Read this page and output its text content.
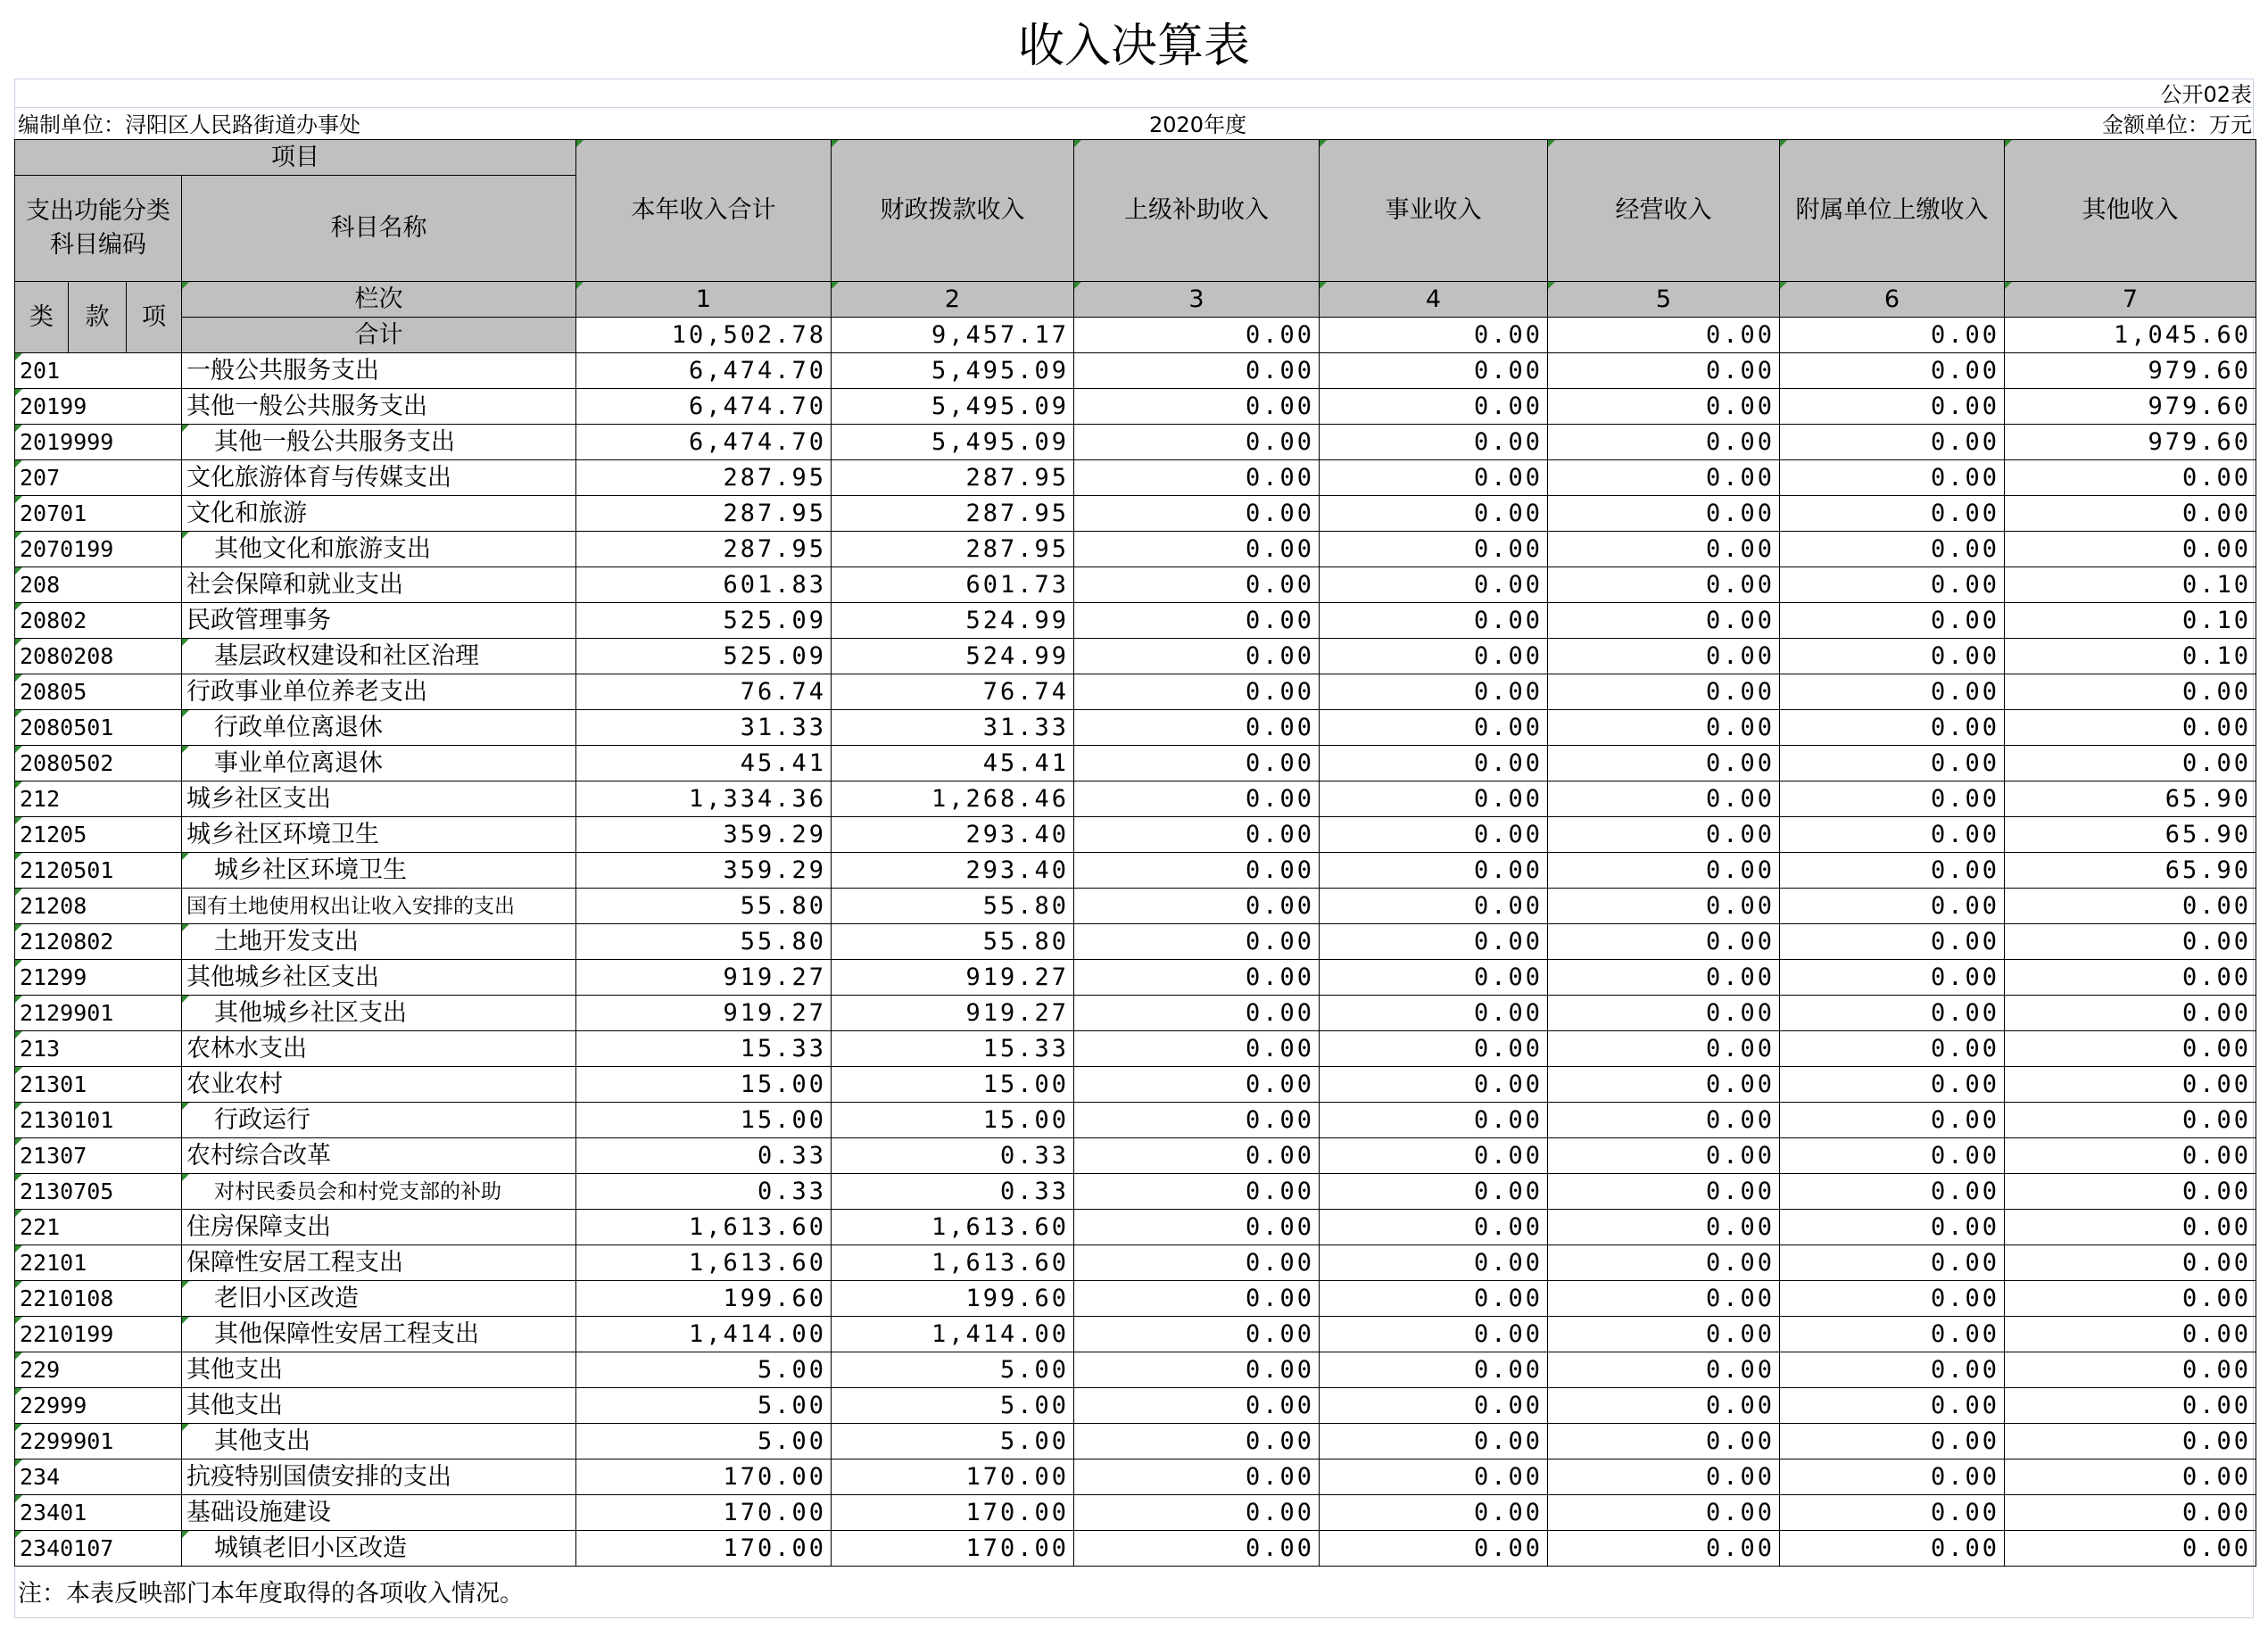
收入决算表
公开02表
编制单位：浔阳区人民路街道办事处	2020年度	金额单位：万元
项目				本年收入合计	财政拨款收入	上级补助收入	事业收入	经营收入	附属单位上缴收入	其他收入
支出功能分类科目编码			科目名称							
类	款	项	栏次	1	2	3	4	5	6	7
			合计	10,502.78	9,457.17	0.00	0.00	0.00	0.00	1,045.60
201			一般公共服务支出	6,474.70	5,495.09	0.00	0.00	0.00	0.00	979.60
20199			其他一般公共服务支出	6,474.70	5,495.09	0.00	0.00	0.00	0.00	979.60
2019999			其他一般公共服务支出	6,474.70	5,495.09	0.00	0.00	0.00	0.00	979.60
207			文化旅游体育与传媒支出	287.95	287.95	0.00	0.00	0.00	0.00	0.00
20701			文化和旅游	287.95	287.95	0.00	0.00	0.00	0.00	0.00
2070199			其他文化和旅游支出	287.95	287.95	0.00	0.00	0.00	0.00	0.00
208			社会保障和就业支出	601.83	601.73	0.00	0.00	0.00	0.00	0.10
20802			民政管理事务	525.09	524.99	0.00	0.00	0.00	0.00	0.10
2080208			基层政权建设和社区治理	525.09	524.99	0.00	0.00	0.00	0.00	0.10
20805			行政事业单位养老支出	76.74	76.74	0.00	0.00	0.00	0.00	0.00
2080501			行政单位离退休	31.33	31.33	0.00	0.00	0.00	0.00	0.00
2080502			事业单位离退休	45.41	45.41	0.00	0.00	0.00	0.00	0.00
212			城乡社区支出	1,334.36	1,268.46	0.00	0.00	0.00	0.00	65.90
21205			城乡社区环境卫生	359.29	293.40	0.00	0.00	0.00	0.00	65.90
2120501			城乡社区环境卫生	359.29	293.40	0.00	0.00	0.00	0.00	65.90
21208			国有土地使用权出让收入安排的支出	55.80	55.80	0.00	0.00	0.00	0.00	0.00
2120802			土地开发支出	55.80	55.80	0.00	0.00	0.00	0.00	0.00
21299			其他城乡社区支出	919.27	919.27	0.00	0.00	0.00	0.00	0.00
2129901			其他城乡社区支出	919.27	919.27	0.00	0.00	0.00	0.00	0.00
213			农林水支出	15.33	15.33	0.00	0.00	0.00	0.00	0.00
21301			农业农村	15.00	15.00	0.00	0.00	0.00	0.00	0.00
2130101			行政运行	15.00	15.00	0.00	0.00	0.00	0.00	0.00
21307			农村综合改革	0.33	0.33	0.00	0.00	0.00	0.00	0.00
2130705			对村民委员会和村党支部的补助	0.33	0.33	0.00	0.00	0.00	0.00	0.00
221			住房保障支出	1,613.60	1,613.60	0.00	0.00	0.00	0.00	0.00
22101			保障性安居工程支出	1,613.60	1,613.60	0.00	0.00	0.00	0.00	0.00
2210108			老旧小区改造	199.60	199.60	0.00	0.00	0.00	0.00	0.00
2210199			其他保障性安居工程支出	1,414.00	1,414.00	0.00	0.00	0.00	0.00	0.00
229			其他支出	5.00	5.00	0.00	0.00	0.00	0.00	0.00
22999			其他支出	5.00	5.00	0.00	0.00	0.00	0.00	0.00
2299901			其他支出	5.00	5.00	0.00	0.00	0.00	0.00	0.00
234			抗疫特别国债安排的支出	170.00	170.00	0.00	0.00	0.00	0.00	0.00
23401			基础设施建设	170.00	170.00	0.00	0.00	0.00	0.00	0.00
2340107			城镇老旧小区改造	170.00	170.00	0.00	0.00	0.00	0.00	0.00
注：本表反映部门本年度取得的各项收入情况。
